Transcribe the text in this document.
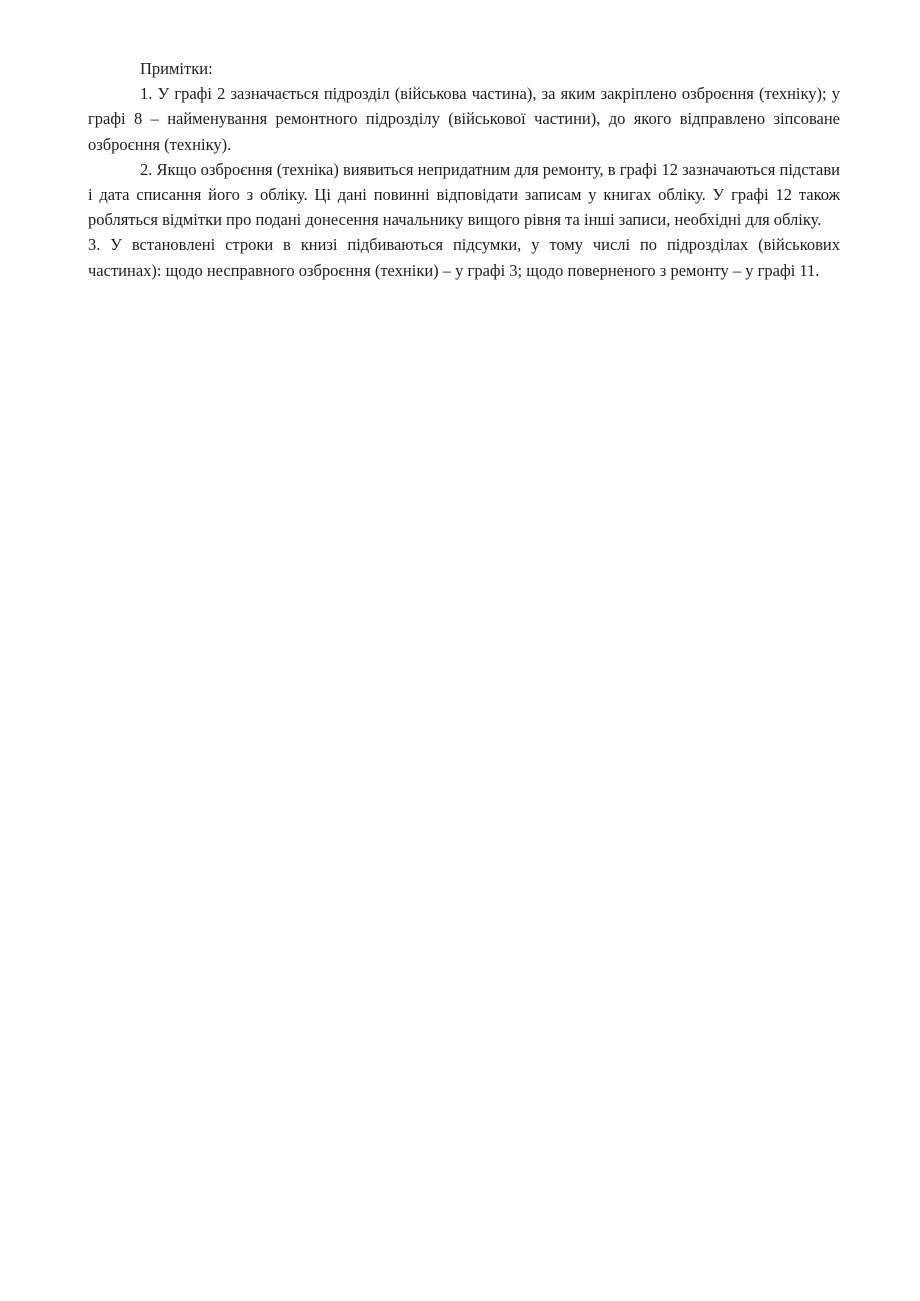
Примітки:

1. У графі 2 зазначається підрозділ (військова частина), за яким закріплено озброєння (техніку); у графі 8 – найменування ремонтного підрозділу (військової частини), до якого відправлено зіпсоване озброєння (техніку).

2. Якщо озброєння (техніка) виявиться непридатним для ремонту, в графі 12 зазначаються підстави і дата списання його з обліку. Ці дані повинні відповідати записам у книгах обліку. У графі 12 також робляться відмітки про подані донесення начальнику вищого рівня та інші записи, необхідні для обліку.

3. У встановлені строки в книзі підбиваються підсумки, у тому числі по підрозділах (військових частинах): щодо несправного озброєння (техніки) – у графі 3; щодо поверненого з ремонту – у графі 11.
